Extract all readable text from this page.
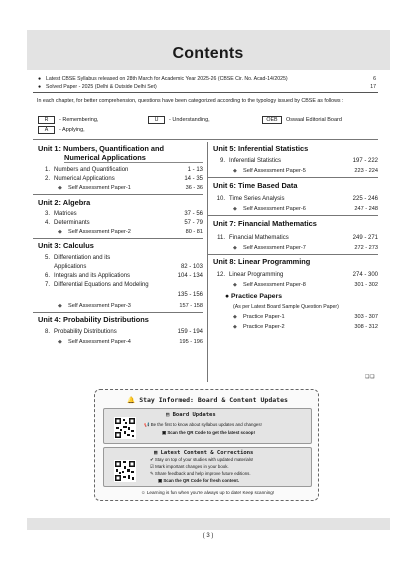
Contents
● Latest CBSE Syllabus released on 28th March for Academic Year 2025-26 (CBSE Cir. No. Acad-14/2025)	6
● Solved Paper - 2025 (Delhi & Outside Delhi Set)	17
In each chapter, for better comprehension, questions have been categorized according to the typology issued by CBSE as follows :
R	- Remembering,	U	- Understanding,	OEB	Oswaal Editorial Board
A	- Applying,
Unit 1: Numbers, Quantification and
Numerical Applications
1. Numbers and Quantification	1 - 13
2. Numerical Applications	14 - 35
◆	Self Assessment Paper-1	36 - 36
Unit 2: Algebra
3. Matrices	37 - 56
4. Determinants	57 - 79
◆	Self Assessment Paper-2	80 - 81
Unit 3: Calculus
5. Differentiation and its
Applications	82 - 103
6. Integrals and its Applications	104 - 134
7. Differential Equations and Modeling
135 - 156
◆	Self Assessment Paper-3	157 - 158
Unit 4: Probability Distributions
8. Probability Distributions	159 - 194
◆	Self Assessment Paper-4	195 - 196
Unit 5: Inferential Statistics
9. Inferential Statistics	197 - 222
◆	Self Assessment Paper-5	223 - 224
Unit 6: Time Based Data
10. Time Series Analysis	225 - 246
◆	Self Assessment Paper-6	247 - 248
Unit 7: Financial Mathematics
11. Financial Mathematics	249 - 271
◆	Self Assessment Paper-7	272 - 273
Unit 8: Linear Programming
12. Linear Programming	274 - 300
◆	Self Assessment Paper-8	301 - 302
● Practice Papers
(As per Latest Board Sample Question Paper)
◆	Practice Paper-1	303 - 307
◆	Practice Paper-2	308 - 312
❑❑
🔔 Stay Informed: Board & Content Updates
▤ Board Updates
📢 Be the first to know about syllabus updates and changes!
▣ Scan the QR Code to get the latest scoop!
▦ Latest Content & Corrections
✔ Stay on top of your studies with updated materials!
☑ Mark important changes in your book.
✎ Share feedback and help improve future editions.
▣ Scan the QR Code for fresh content.
☺ Learning is fun when you're always up to date! Keep scanning!
( 3 )
